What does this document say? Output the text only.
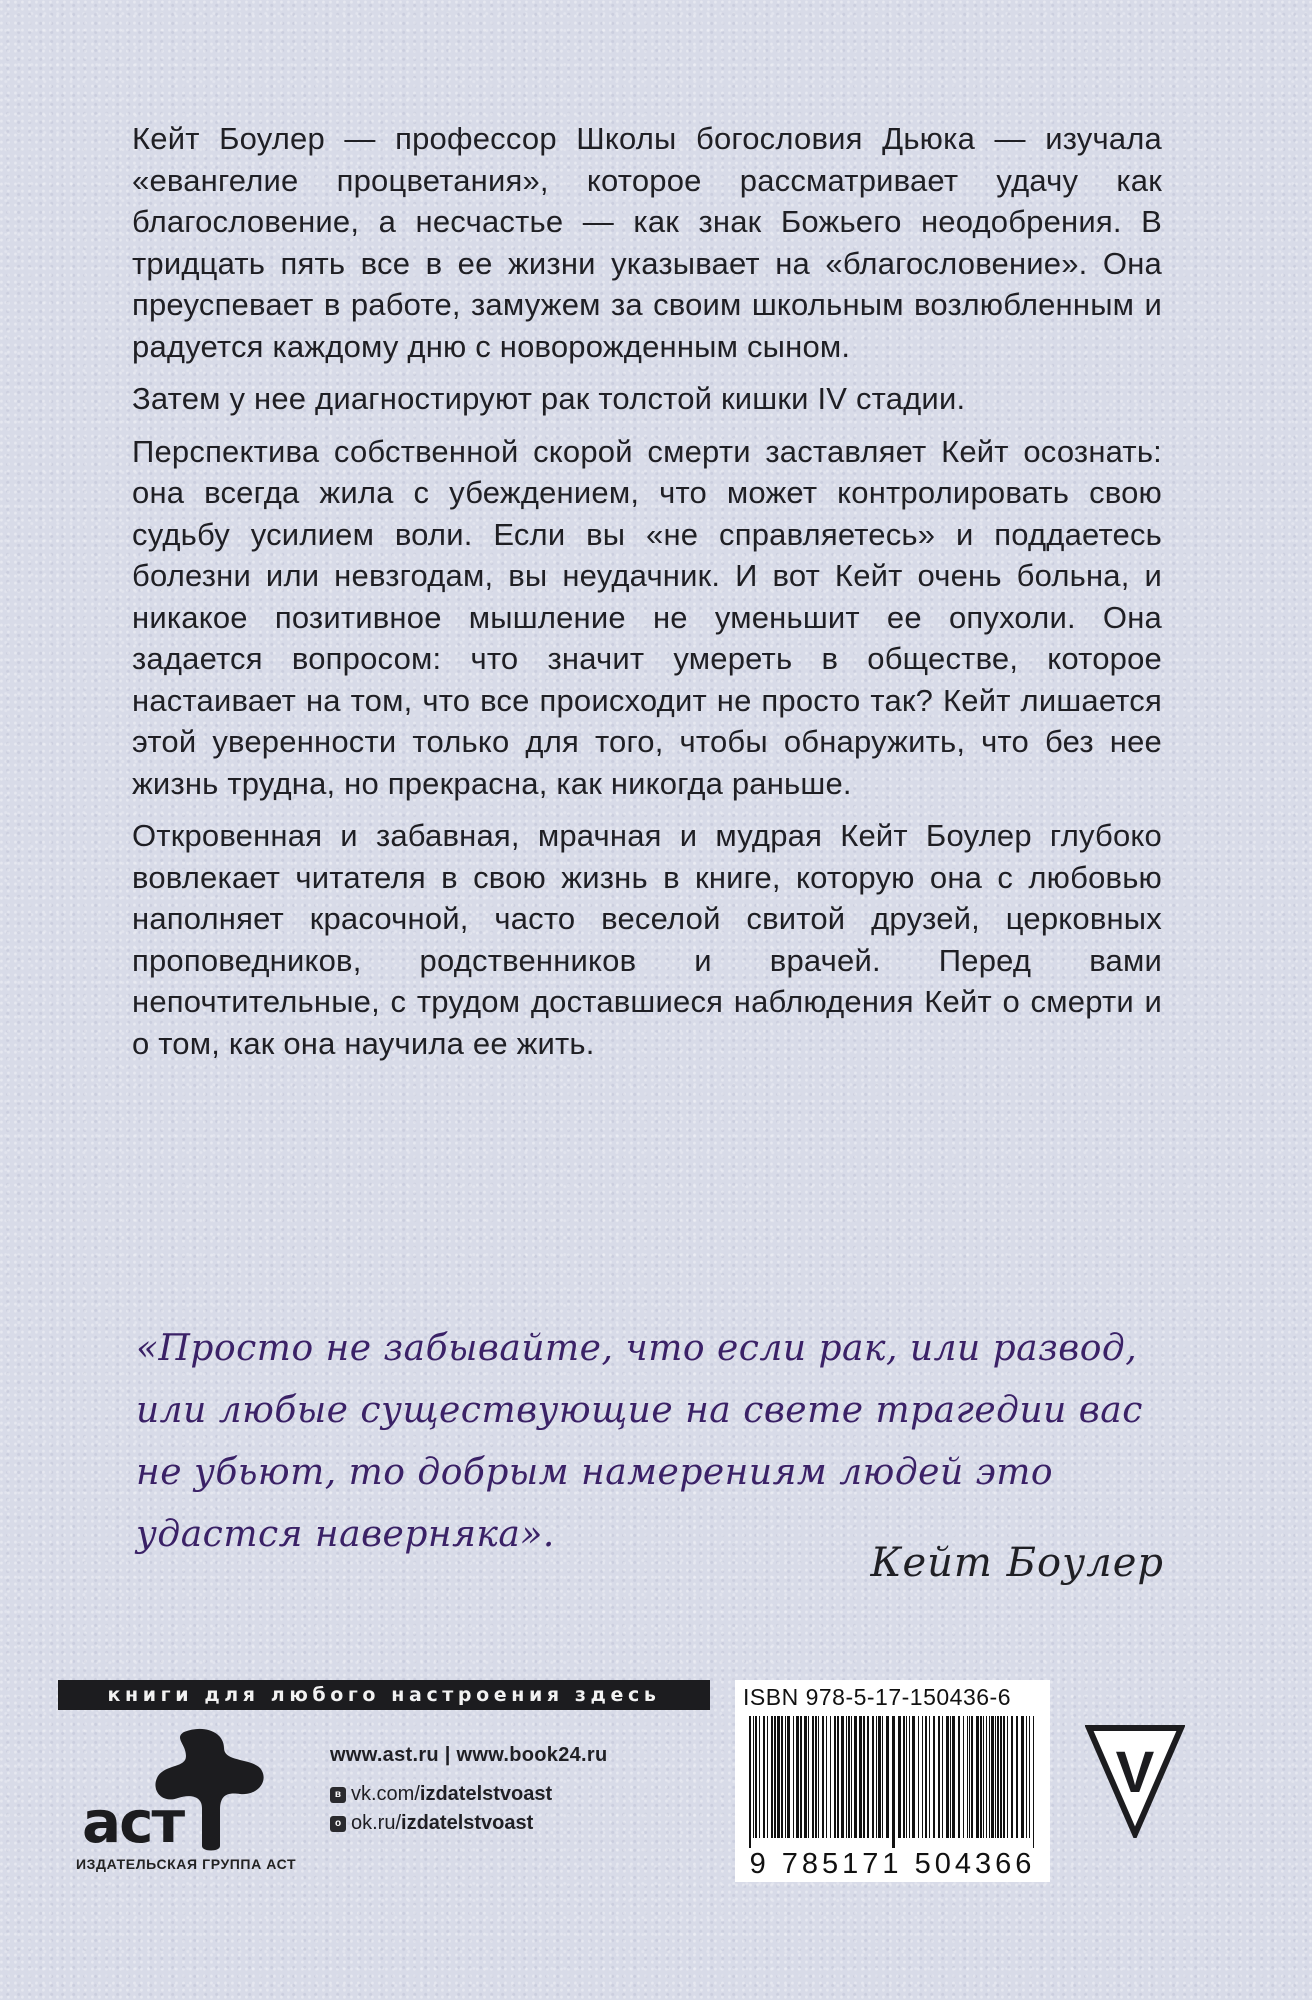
Кейт Боулер — профессор Школы богословия Дьюка — изучала «евангелие процветания», которое рассматривает удачу как благословение, а несчастье — как знак Божьего неодобрения. В тридцать пять все в ее жизни указывает на «благословение». Она преуспевает в работе, замужем за своим школьным возлюбленным и радуется каждому дню с новорожденным сыном.

Затем у нее диагностируют рак толстой кишки IV стадии.

Перспектива собственной скорой смерти заставляет Кейт осознать: она всегда жила с убеждением, что может контролировать свою судьбу усилием воли. Если вы «не справляетесь» и поддаетесь болезни или невзгодам, вы неудачник. И вот Кейт очень больна, и никакое позитивное мышление не уменьшит ее опухоли. Она задается вопросом: что значит умереть в обществе, которое настаивает на том, что все происходит не просто так? Кейт лишается этой уверенности только для того, чтобы обнаружить, что без нее жизнь трудна, но прекрасна, как никогда раньше.

Откровенная и забавная, мрачная и мудрая Кейт Боулер глубоко вовлекает читателя в свою жизнь в книге, которую она с любовью наполняет красочной, часто веселой свитой друзей, церковных проповедников, родственников и врачей. Перед вами непочтительные, с трудом доставшиеся наблюдения Кейт о смерти и о том, как она научила ее жить.

«Просто не забывайте, что если рак, или развод, или любые существующие на свете трагедии вас не убьют, то добрым намерениям людей это удастся наверняка».
Кейт Боулер
книги для любого настроения здесь
аст
ИЗДАТЕЛЬСКАЯ ГРУППА АСТ
www.ast.ru | www.book24.ru
в vk.com/ izdatelstvoast
о ok.ru/ izdatelstvoast
ISBN 978-5-17-150436-6
9 785171 504366
V
